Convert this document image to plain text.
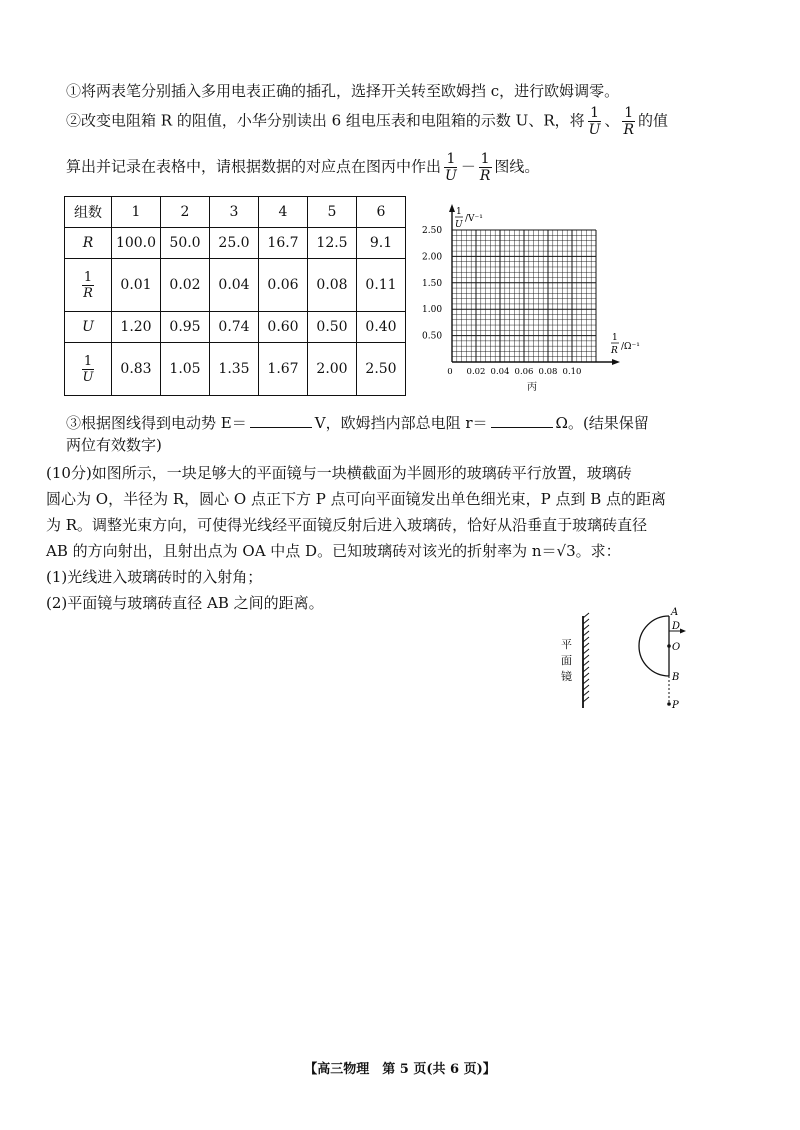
①将两表笔分别插入多用电表正确的插孔，选择开关转至欧姆挡 c，进行欧姆调零。
②改变电阻箱 R 的阻值，小华分别读出 6 组电压表和电阻箱的示数 U、R，将 $\frac{1}{U}$ 、 $\frac{1}{R}$ 的值
算出并记录在表格中，请根据数据的对应点在图丙中作出 $\frac{1}{U} - \frac{1}{R}$ 图线。
组数	1	2	3	4	5	6
R	100.0	50.0	25.0	16.7	12.5	9.1

$\frac{1}{R}$	0.01	0.02	0.04	0.06	0.08	0.11
U	1.20	0.95	0.74	0.60	0.50	0.40

$\frac{1}{U}$	0.83	1.05	1.35	1.67	2.00	2.50
1
U
/V⁻¹
1
R /Ω⁻¹
2.50
2.00
1.50
1.00
0.50
0 0.02 0.04 0.06 0.08 0.10
丙
③根据图线得到电动势 E＝	V，欧姆挡内部总电阻 r＝	Ω。(结果保留
两位有效数字)
(10分)如图所示，一块足够大的平面镜与一块横截面为半圆形的玻璃砖平行放置，玻璃砖
圆心为 O，半径为 R，圆心 O 点正下方 P 点可向平面镜发出单色细光束，P 点到 B 点的距离
为 R。调整光束方向，可使得光线经平面镜反射后进入玻璃砖，恰好从沿垂直于玻璃砖直径
AB 的方向射出，且射出点为 OA 中点 D。已知玻璃砖对该光的折射率为 n＝√3。求：
(1)光线进入玻璃砖时的入射角；
(2)平面镜与玻璃砖直径 AB 之间的距离。
平
面
镜
A
D
O
B
P
【高三物理　第 5 页(共 6 页)】
